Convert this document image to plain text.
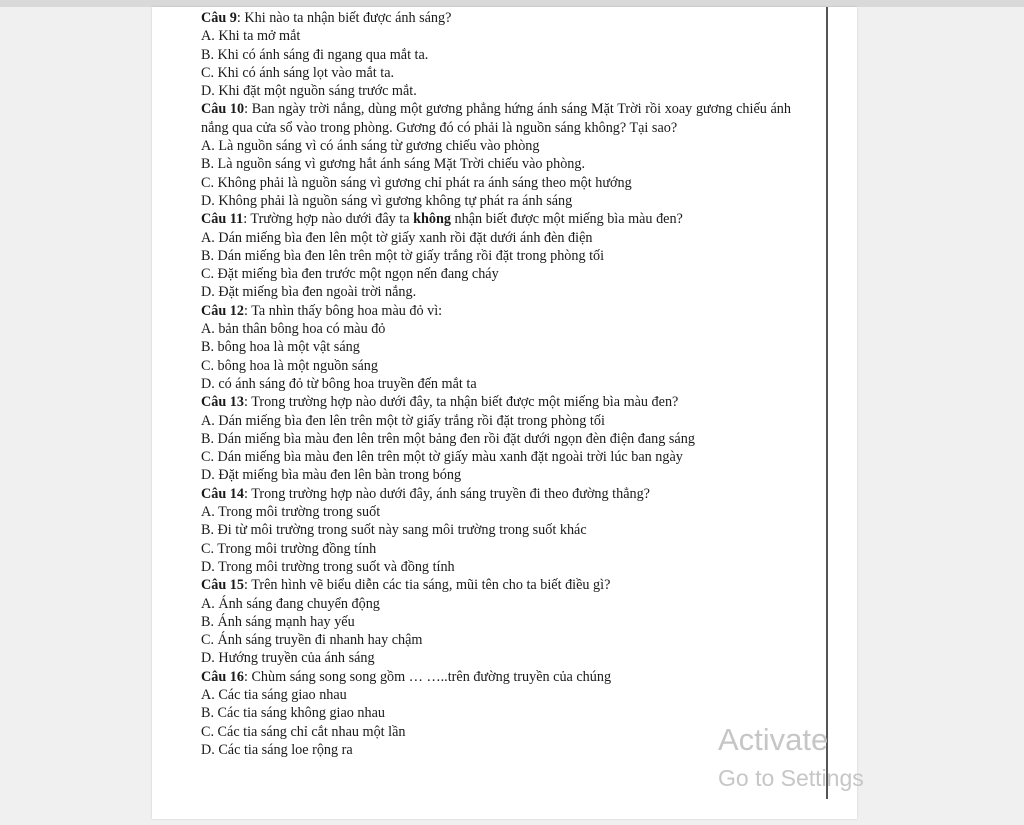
Câu 9: Khi nào ta nhận biết được ánh sáng?
A. Khi ta mở mắt
B. Khi có ánh sáng đi ngang qua mắt ta.
C. Khi có ánh sáng lọt vào mắt ta.
D. Khi đặt một nguồn sáng trước mắt.
Câu 10: Ban ngày trời nắng, dùng một gương phẳng hứng ánh sáng Mặt Trời rồi xoay gương chiếu ánh nắng qua cửa sổ vào trong phòng. Gương đó có phải là nguồn sáng không? Tại sao?
A. Là nguồn sáng vì có ánh sáng từ gương chiếu vào phòng
B. Là nguồn sáng vì gương hắt ánh sáng Mặt Trời chiếu vào phòng.
C. Không phải là nguồn sáng vì gương chỉ phát ra ánh sáng theo một hướng
D. Không phải là nguồn sáng vì gương không tự phát ra ánh sáng
Câu 11: Trường hợp nào dưới đây ta không nhận biết được một miếng bìa màu đen?
A. Dán miếng bìa đen lên một tờ giấy xanh rồi đặt dưới ánh đèn điện
B. Dán miếng bìa đen lên trên một tờ giấy trắng rồi đặt trong phòng tối
C. Đặt miếng bìa đen trước một ngọn nến đang cháy
D. Đặt miếng bìa đen ngoài trời nắng.
Câu 12: Ta nhìn thấy bông hoa màu đỏ vì:
A. bản thân bông hoa có màu đỏ
B. bông hoa là một vật sáng
C. bông hoa là một nguồn sáng
D. có ánh sáng đỏ từ bông hoa truyền đến mắt ta
Câu 13: Trong trường hợp nào dưới đây, ta nhận biết được một miếng bìa màu đen?
A. Dán miếng bìa đen lên trên một tờ giấy trắng rồi đặt trong phòng tối
B. Dán miếng bìa màu đen lên trên một bảng đen rồi đặt dưới ngọn đèn điện đang sáng
C. Dán miếng bìa màu đen lên trên một tờ giấy màu xanh đặt ngoài trời lúc ban ngày
D. Đặt miếng bìa màu đen lên bàn trong bóng
Câu 14: Trong trường hợp nào dưới đây, ánh sáng truyền đi theo đường thẳng?
A. Trong môi trường trong suốt
B. Đi từ môi trường trong suốt này sang môi trường trong suốt khác
C. Trong môi trường đồng tính
D. Trong môi trường trong suốt và đồng tính
Câu 15: Trên hình vẽ biểu diễn các tia sáng, mũi tên cho ta biết điều gì?
A. Ánh sáng đang chuyển động
B. Ánh sáng mạnh hay yếu
C. Ánh sáng truyền đi nhanh hay chậm
D. Hướng truyền của ánh sáng
Câu 16: Chùm sáng song song gồm … …..trên đường truyền của chúng
A. Các tia sáng giao nhau
B. Các tia sáng không giao nhau
C. Các tia sáng chỉ cắt nhau một lần
D. Các tia sáng loe rộng ra	Activate
Go to Settings
